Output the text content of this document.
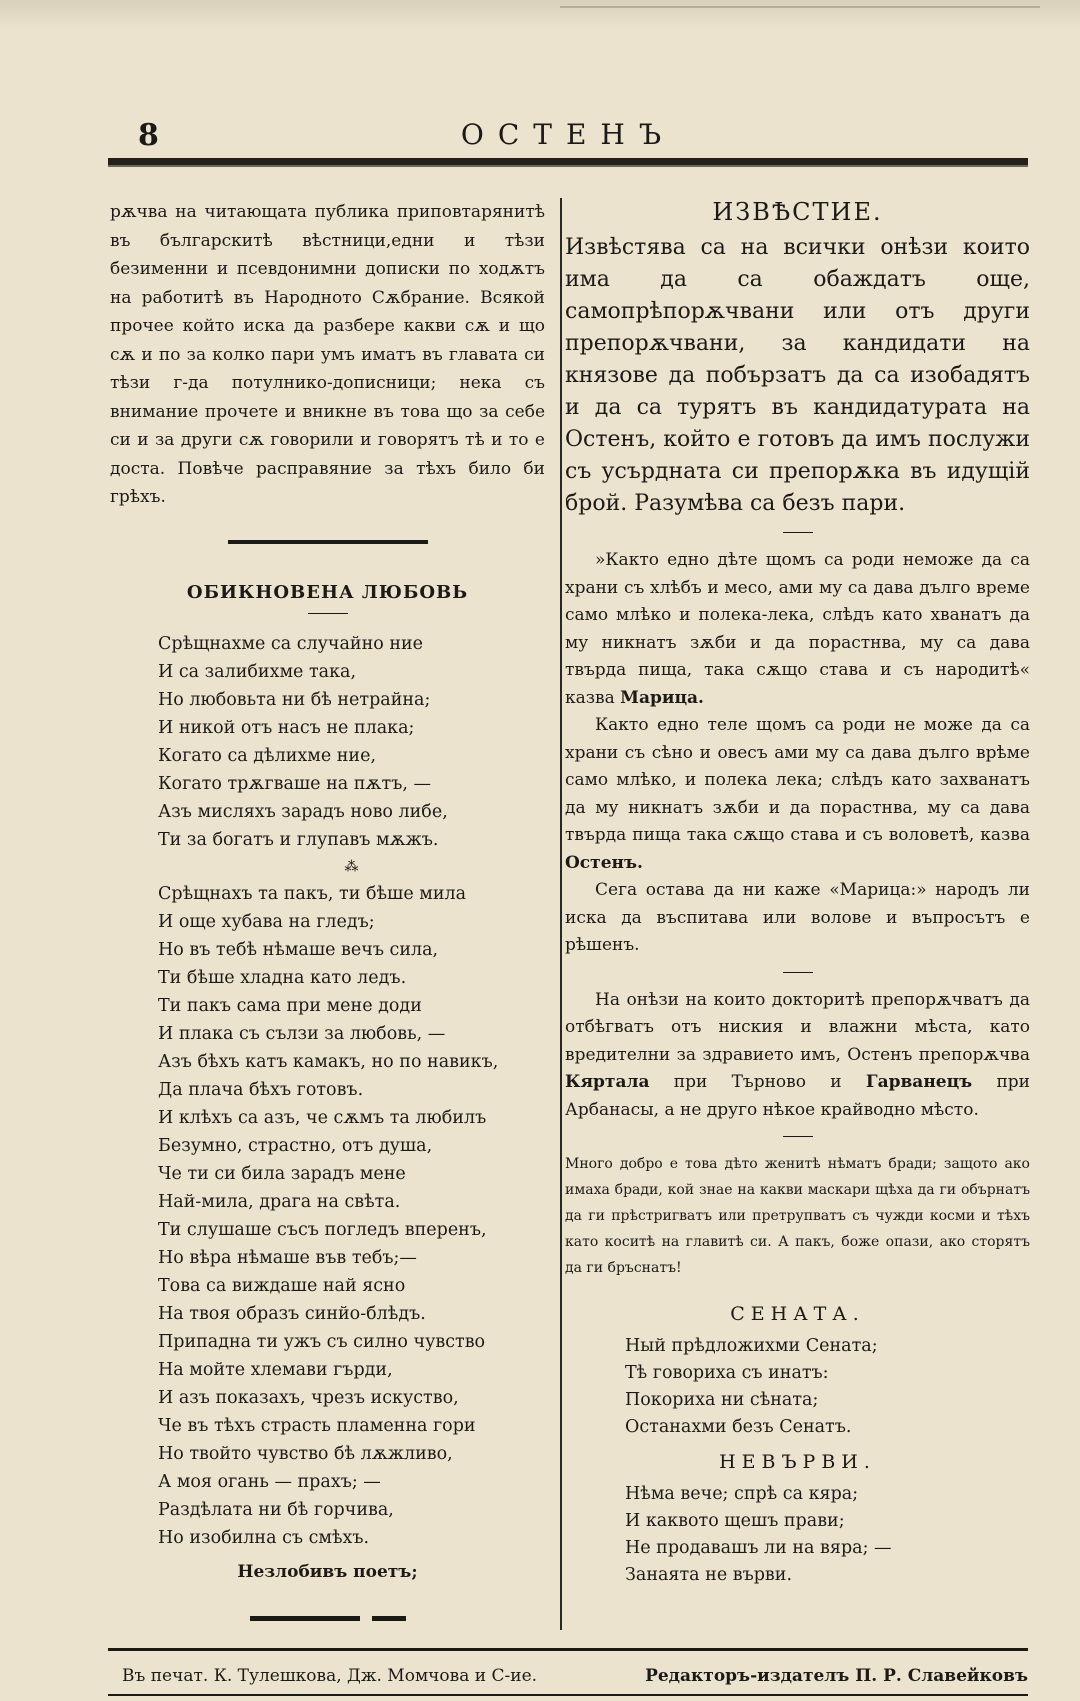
8	ОСТЕНЪ

рѫчва на читающата публика приповтарянитѣ въ българскитѣ вѣстници,едни и тѣзи безименни и псевдонимни дописки по ходѫтъ на работитѣ въ Народното Сѫбрание. Всякой прочее който иска да разбере какви сѫ и що сѫ и по за колко пари умъ иматъ въ главата си тѣзи г-да потулнико-дописници; нека съ внимание прочете и вникне въ това що за себе си и за други сѫ говорили и говорятъ тѣ и то е доста. Повѣче расправяние за тѣхъ било би грѣхъ.

ОБИКНОВЕНА ЛЮБОВЬ
Срѣщнахме са случайно ние
И са залибихме така,
Но любовьта ни бѣ нетрайна;
И никой отъ насъ не плака;
Когато са дѣлихме ние,
Когато трѫгваше на пѫтъ, —
Азъ мисляхъ зарадъ ново либе,
Ти за богатъ и глупавъ мѫжъ.
⁂
Срѣщнахъ та пакъ, ти бѣше мила
И още хубава на гледъ;
Но въ тебѣ нѣмаше вечъ сила,
Ти бѣше хладна като ледъ.
Ти пакъ сама при мене доди
И плака съ сълзи за любовь, —
Азъ бѣхъ катъ камакъ, но по навикъ,
Да плача бѣхъ готовъ.
И клѣхъ са азъ, че сѫмъ та любилъ
Безумно, страстно, отъ душа,
Че ти си била зарадъ мене
Най-мила, драга на свѣта.
Ти слушаше съсъ погледъ вперенъ,
Но вѣра нѣмаше във тебъ;—
Това са виждаше най ясно
На твоя образъ синйо-блѣдъ.
Припадна ти ужъ съ силно чувство
На мойте хлемави гърди,
И азъ показахъ, чрезъ искуство,
Че въ тѣхъ страсть пламенна гори
Но твойто чувство бѣ лѫжливо,
А моя огань — прахъ; —
Раздѣлата ни бѣ горчива,
Но изобилна съ смѣхъ.
Незлобивъ поетъ;
ИЗВѢСТИЕ.

Извѣстява са на всички онѣзи които има да са обаждатъ още, самопрѣпорѫчвани или отъ други препорѫчвани, за кандидати на князове да побързатъ да са изобадятъ и да са турятъ въ кандидатурата на Остенъ, който е готовъ да имъ послужи съ усърдната си препорѫка въ идущій брой. Разумѣва са безъ пари.

»Както едно дѣте щомъ са роди неможе да са храни съ хлѣбъ и месо, ами му са дава дълго време само млѣко и полека-лека, слѣдъ като хванатъ да му никнатъ зѫби и да порастнва, му са дава твърда пища, така сѫщо става и съ народитѣ« казва Марица.

Както едно теле щомъ са роди не може да са храни съ сѣно и овесъ ами му са дава дълго врѣме само млѣко, и полека лека; слѣдъ като захванатъ да му никнатъ зѫби и да порастнва, му са дава твърда пища така сѫщо става и съ воловетѣ, казва Остенъ.

Сега остава да ни каже «Марица:» народъ ли иска да въспитава или волове и въпросътъ е рѣшенъ.

На онѣзи на които докторитѣ препорѫчватъ да отбѣгватъ отъ ниския и влажни мѣста, като вредителни за здравието имъ, Остенъ препорѫчва Кяртала при Търново и Гарванецъ при Арбанасы, а не друго нѣкое крайводно мѣсто.

Много добро е това дѣто женитѣ нѣматъ бради; защото ако имаха бради, кой знае на какви маскари щѣха да ги обърнатъ да ги прѣстригватъ или претрупватъ съ чужди косми и тѣхъ като коситѣ на главитѣ си. А пакъ, боже опази, ако сторятъ да ги бръснатъ!

СЕНАТА.
Ный прѣдложихми Сената;
Тѣ говориха съ инатъ:
Покориха ни сѣната;
Останахми безъ Сенатъ.
НЕВЪРВИ.
Нѣма вече; спрѣ са кяра;
И каквото щешъ прави;
Не продавашъ ли на вяра; —
Занаята не върви.
Въ печат. К. Тулешкова, Дж. Момчова и С-ие.	Редакторъ-издателъ П. Р. Славейковъ
